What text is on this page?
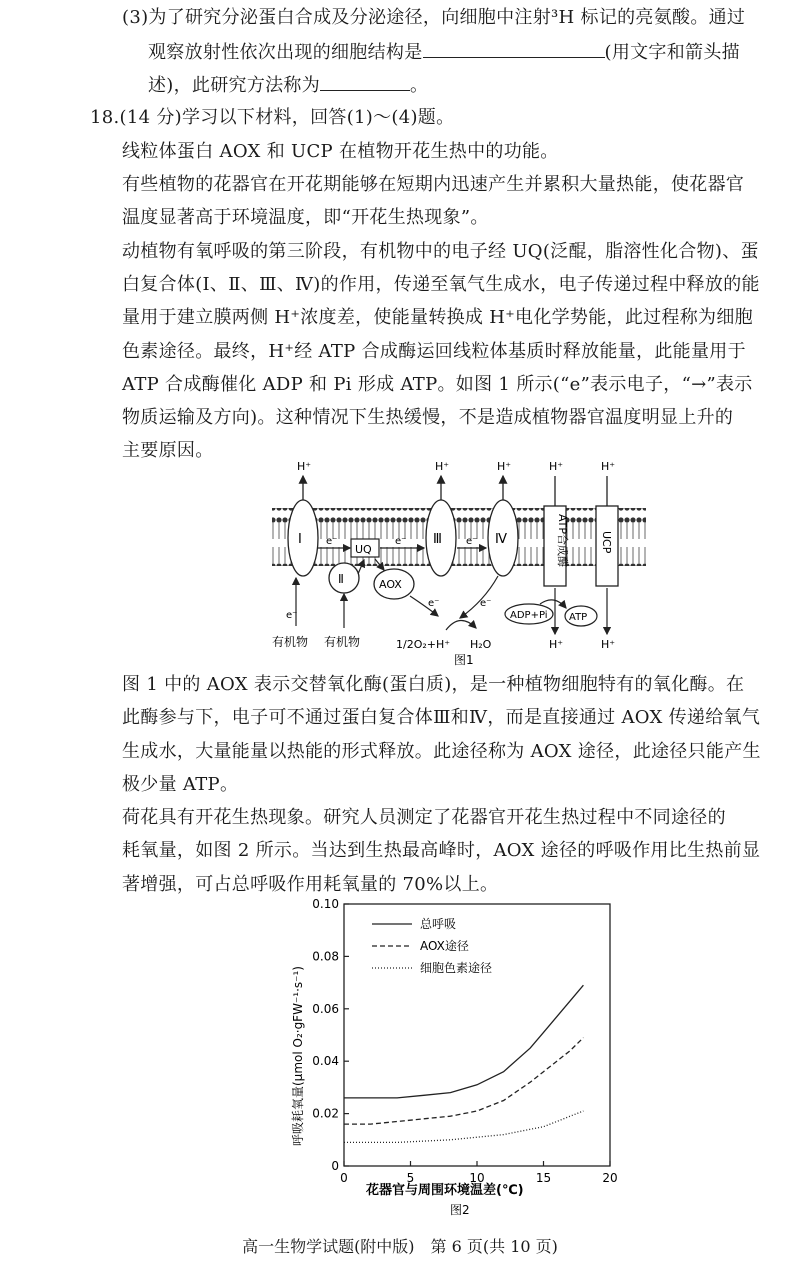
(3)为了研究分泌蛋白合成及分泌途径，向细胞中注射³H 标记的亮氨酸。通过
观察放射性依次出现的细胞结构是	(用文字和箭头描
述)，此研究方法称为	。
18.(14 分)学习以下材料，回答(1)～(4)题。
线粒体蛋白 AOX 和 UCP 在植物开花生热中的功能。
有些植物的花器官在开花期能够在短期内迅速产生并累积大量热能，使花器官
温度显著高于环境温度，即“开花生热现象”。
动植物有氧呼吸的第三阶段，有机物中的电子经 UQ(泛醌，脂溶性化合物)、蛋
白复合体(Ⅰ、Ⅱ、Ⅲ、Ⅳ)的作用，传递至氧气生成水，电子传递过程中释放的能
量用于建立膜两侧 H⁺浓度差，使能量转换成 H⁺电化学势能，此过程称为细胞
色素途径。最终，H⁺经 ATP 合成酶运回线粒体基质时释放能量，此能量用于
ATP 合成酶催化 ADP 和 Pi 形成 ATP。如图 1 所示(“e”表示电子，“→”表示
物质运输及方向)。这种情况下生热缓慢，不是造成植物器官温度明显上升的
主要原因。
H⁺	H⁺	H⁺	H⁺	H⁺
Ⅰ
Ⅱ
UQ
Ⅲ	Ⅳ
AOX
ATP合成酶	UCP
e⁻	e⁻	e⁻
e⁻
有机物 有机物
e⁻	e⁻
1/2O₂+H⁺ H₂O
ADP+Pi ATP
H⁺	H⁺
图1
图 1 中的 AOX 表示交替氧化酶(蛋白质)，是一种植物细胞特有的氧化酶。在
此酶参与下，电子可不通过蛋白复合体Ⅲ和Ⅳ，而是直接通过 AOX 传递给氧气
生成水，大量能量以热能的形式释放。此途径称为 AOX 途径，此途径只能产生
极少量 ATP。
荷花具有开花生热现象。研究人员测定了花器官开花生热过程中不同途径的
耗氧量，如图 2 所示。当达到生热最高峰时，AOX 途径的呼吸作用比生热前显
著增强，可占总呼吸作用耗氧量的 70%以上。
0	5	10	15	20
0
0.02
0.04
0.06
0.08
0.10
总呼吸
AOX途径
细胞色素途径
花器官与周围环境温差(℃)
图2
呼吸耗氧量(μmol O₂·gFW⁻¹·s⁻¹)
高一生物学试题(附中版)　第 6 页(共 10 页)
